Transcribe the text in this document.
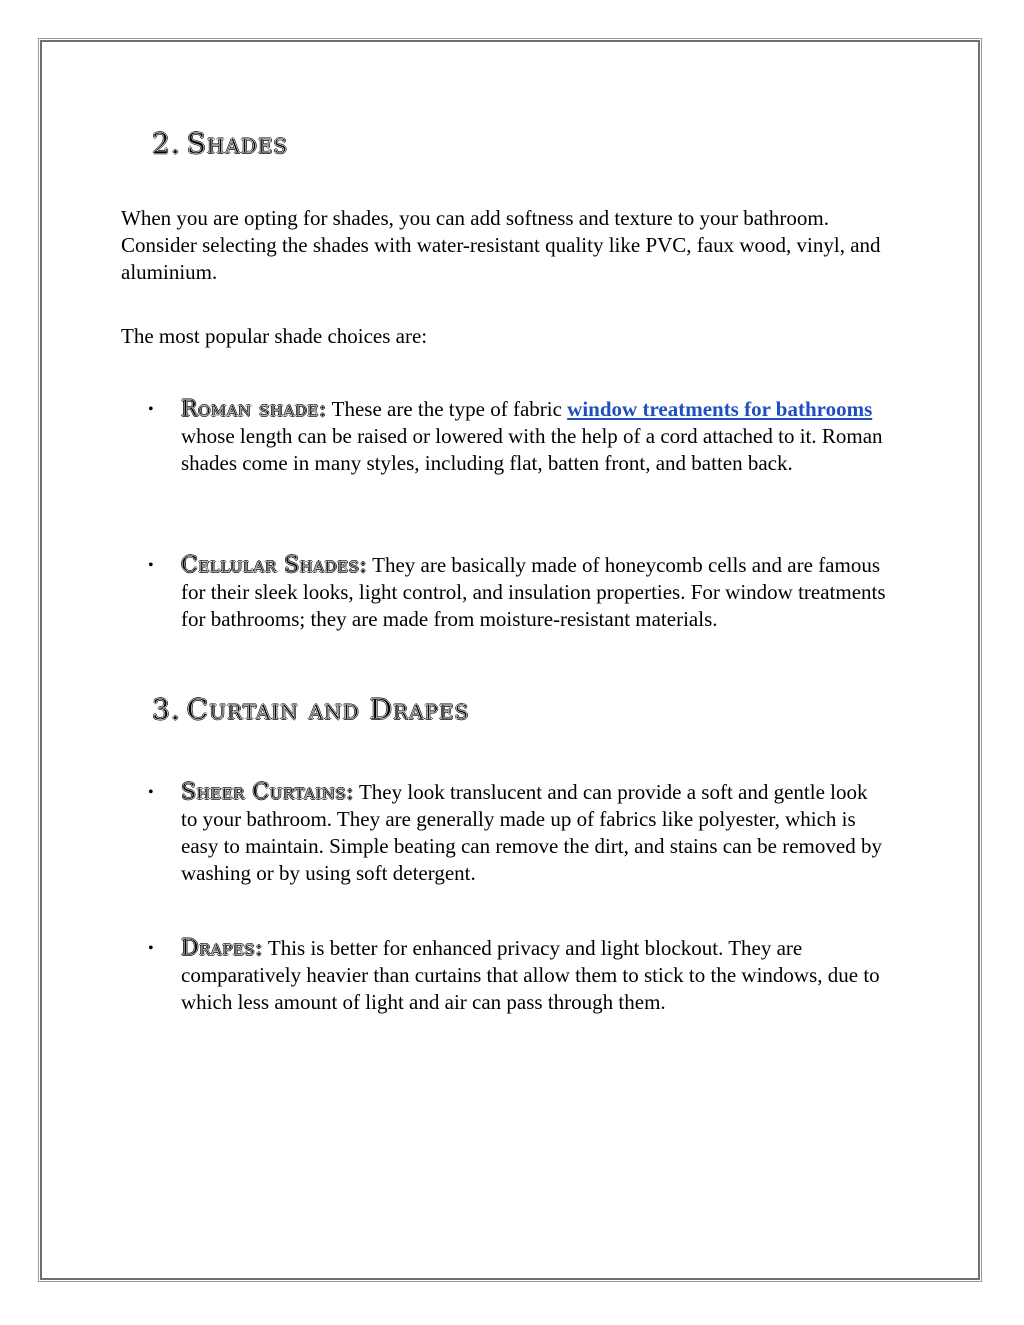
2. Shades

When you are opting for shades, you can add softness and texture to your bathroom. Consider selecting the shades with water-resistant quality like PVC, faux wood, vinyl, and aluminium.

The most popular shade choices are:

• Roman shade: These are the type of fabric window treatments for bathrooms whose length can be raised or lowered with the help of a cord attached to it. Roman shades come in many styles, including flat, batten front, and batten back.
• Cellular Shades: They are basically made of honeycomb cells and are famous for their sleek looks, light control, and insulation properties. For window treatments for bathrooms; they are made from moisture-resistant materials.
3. Curtain and Drapes
• Sheer Curtains: They look translucent and can provide a soft and gentle look to your bathroom. They are generally made up of fabrics like polyester, which is easy to maintain. Simple beating can remove the dirt, and stains can be removed by washing or by using soft detergent.
• Drapes: This is better for enhanced privacy and light blockout. They are comparatively heavier than curtains that allow them to stick to the windows, due to which less amount of light and air can pass through them.
